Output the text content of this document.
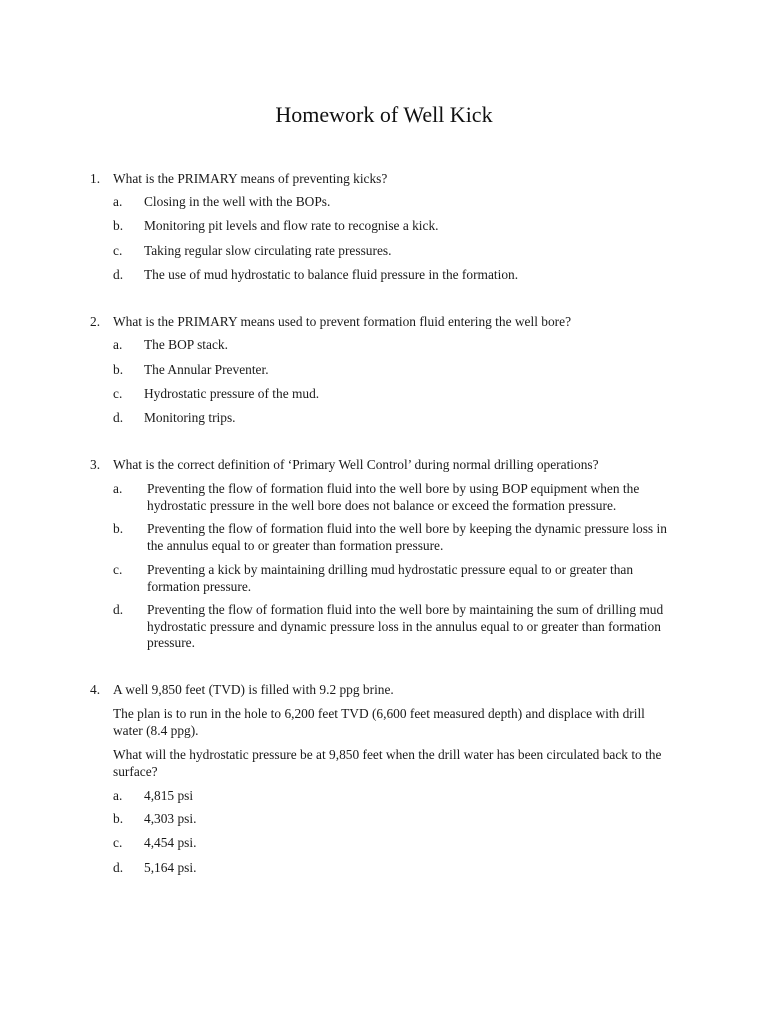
Homework of Well Kick
1. What is the PRIMARY means of preventing kicks?
a. Closing in the well with the BOPs.
b. Monitoring pit levels and flow rate to recognise a kick.
c. Taking regular slow circulating rate pressures.
d. The use of mud hydrostatic to balance fluid pressure in the formation.
2. What is the PRIMARY means used to prevent formation fluid entering the well bore?
a. The BOP stack.
b. The Annular Preventer.
c. Hydrostatic pressure of the mud.
d. Monitoring trips.
3. What is the correct definition of ‘Primary Well Control’ during normal drilling operations?
a. Preventing the flow of formation fluid into the well bore by using BOP equipment when the hydrostatic pressure in the well bore does not balance or exceed the formation pressure.
b. Preventing the flow of formation fluid into the well bore by keeping the dynamic pressure loss in the annulus equal to or greater than formation pressure.
c. Preventing a kick by maintaining drilling mud hydrostatic pressure equal to or greater than formation pressure.
d. Preventing the flow of formation fluid into the well bore by maintaining the sum of drilling mud hydrostatic pressure and dynamic pressure loss in the annulus equal to or greater than formation pressure.
4. A well 9,850 feet (TVD) is filled with 9.2 ppg brine.
The plan is to run in the hole to 6,200 feet TVD (6,600 feet measured depth) and displace with drill water (8.4 ppg).
What will the hydrostatic pressure be at 9,850 feet when the drill water has been circulated back to the surface?
a. 4,815 psi
b. 4,303 psi.
c. 4,454 psi.
d. 5,164 psi.
